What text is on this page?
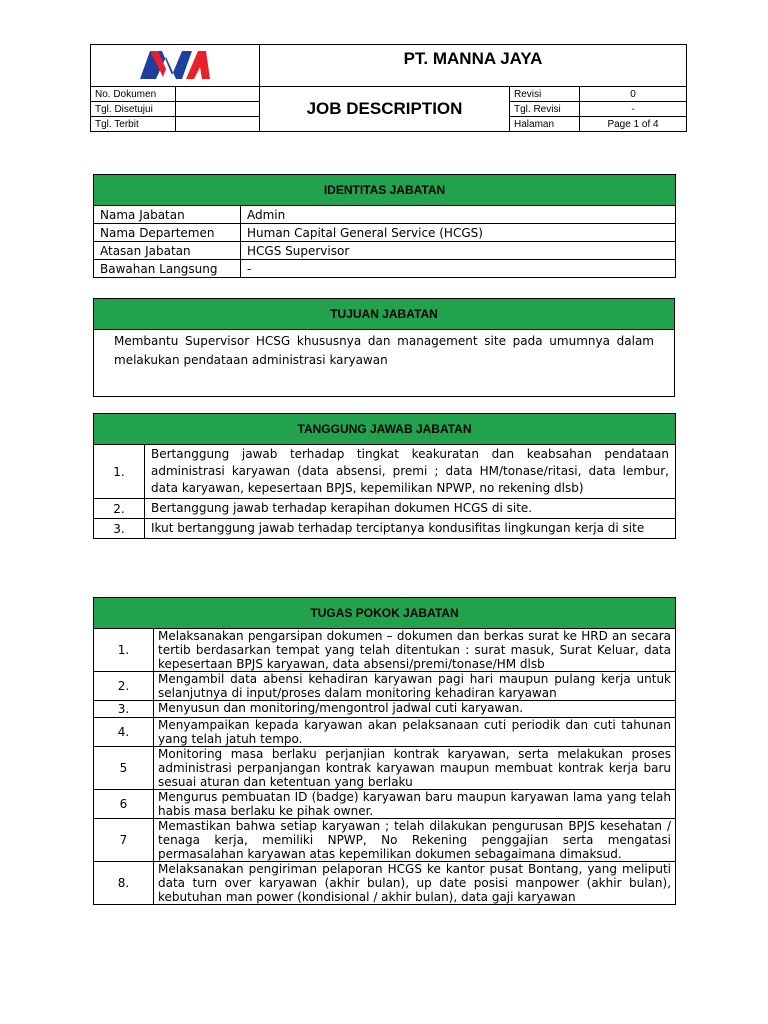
	PT. MANNA JAYA		
No. Dokumen		JOB DESCRIPTION	Revisi	0
Tgl. Disetujui			Tgl. Revisi	-
Tgl. Terbit			Halaman	Page 1 of 4
IDENTITAS JABATAN	
Nama Jabatan	Admin
Nama Departemen	Human Capital General Service (HCGS)
Atasan Jabatan	HCGS Supervisor
Bawahan Langsung	-
TUJUAN JABATAN
Membantu Supervisor HCSG khususnya dan management site pada umumnya dalam melakukan pendataan administrasi karyawan
TANGGUNG JAWAB JABATAN	
1.	Bertanggung jawab terhadap tingkat keakuratan dan keabsahan pendataan administrasi karyawan (data absensi, premi ; data HM/tonase/ritasi, data lembur, data karyawan, kepesertaan BPJS, kepemilikan NPWP, no rekening dlsb)
2.	Bertanggung jawab terhadap kerapihan dokumen HCGS di site.
3.	Ikut bertanggung jawab terhadap terciptanya kondusifitas lingkungan kerja di site
TUGAS POKOK JABATAN	
1.	Melaksanakan pengarsipan dokumen – dokumen dan berkas surat ke HRD an secara tertib berdasarkan tempat yang telah ditentukan : surat masuk, Surat Keluar, data kepesertaan BPJS karyawan, data absensi/premi/tonase/HM dlsb
2.	Mengambil data abensi kehadiran karyawan pagi hari maupun pulang kerja untuk selanjutnya di input/proses dalam monitoring kehadiran karyawan
3.	Menyusun dan monitoring/mengontrol jadwal cuti karyawan.
4.	Menyampaikan kepada karyawan akan pelaksanaan cuti periodik dan cuti tahunan yang telah jatuh tempo.
5	Monitoring masa berlaku perjanjian kontrak karyawan, serta melakukan proses administrasi perpanjangan kontrak karyawan maupun membuat kontrak kerja baru sesuai aturan dan ketentuan yang berlaku
6	Mengurus pembuatan ID (badge) karyawan baru maupun karyawan lama yang telah habis masa berlaku ke pihak owner.
7	Memastikan bahwa setiap karyawan ; telah dilakukan pengurusan BPJS kesehatan / tenaga kerja, memiliki NPWP, No Rekening penggajian serta mengatasi permasalahan karyawan atas kepemilikan dokumen sebagaimana dimaksud.
8.	Melaksanakan pengiriman pelaporan HCGS ke kantor pusat Bontang, yang meliputi data turn over karyawan (akhir bulan), up date posisi manpower (akhir bulan), kebutuhan man power (kondisional / akhir bulan), data gaji karyawan
